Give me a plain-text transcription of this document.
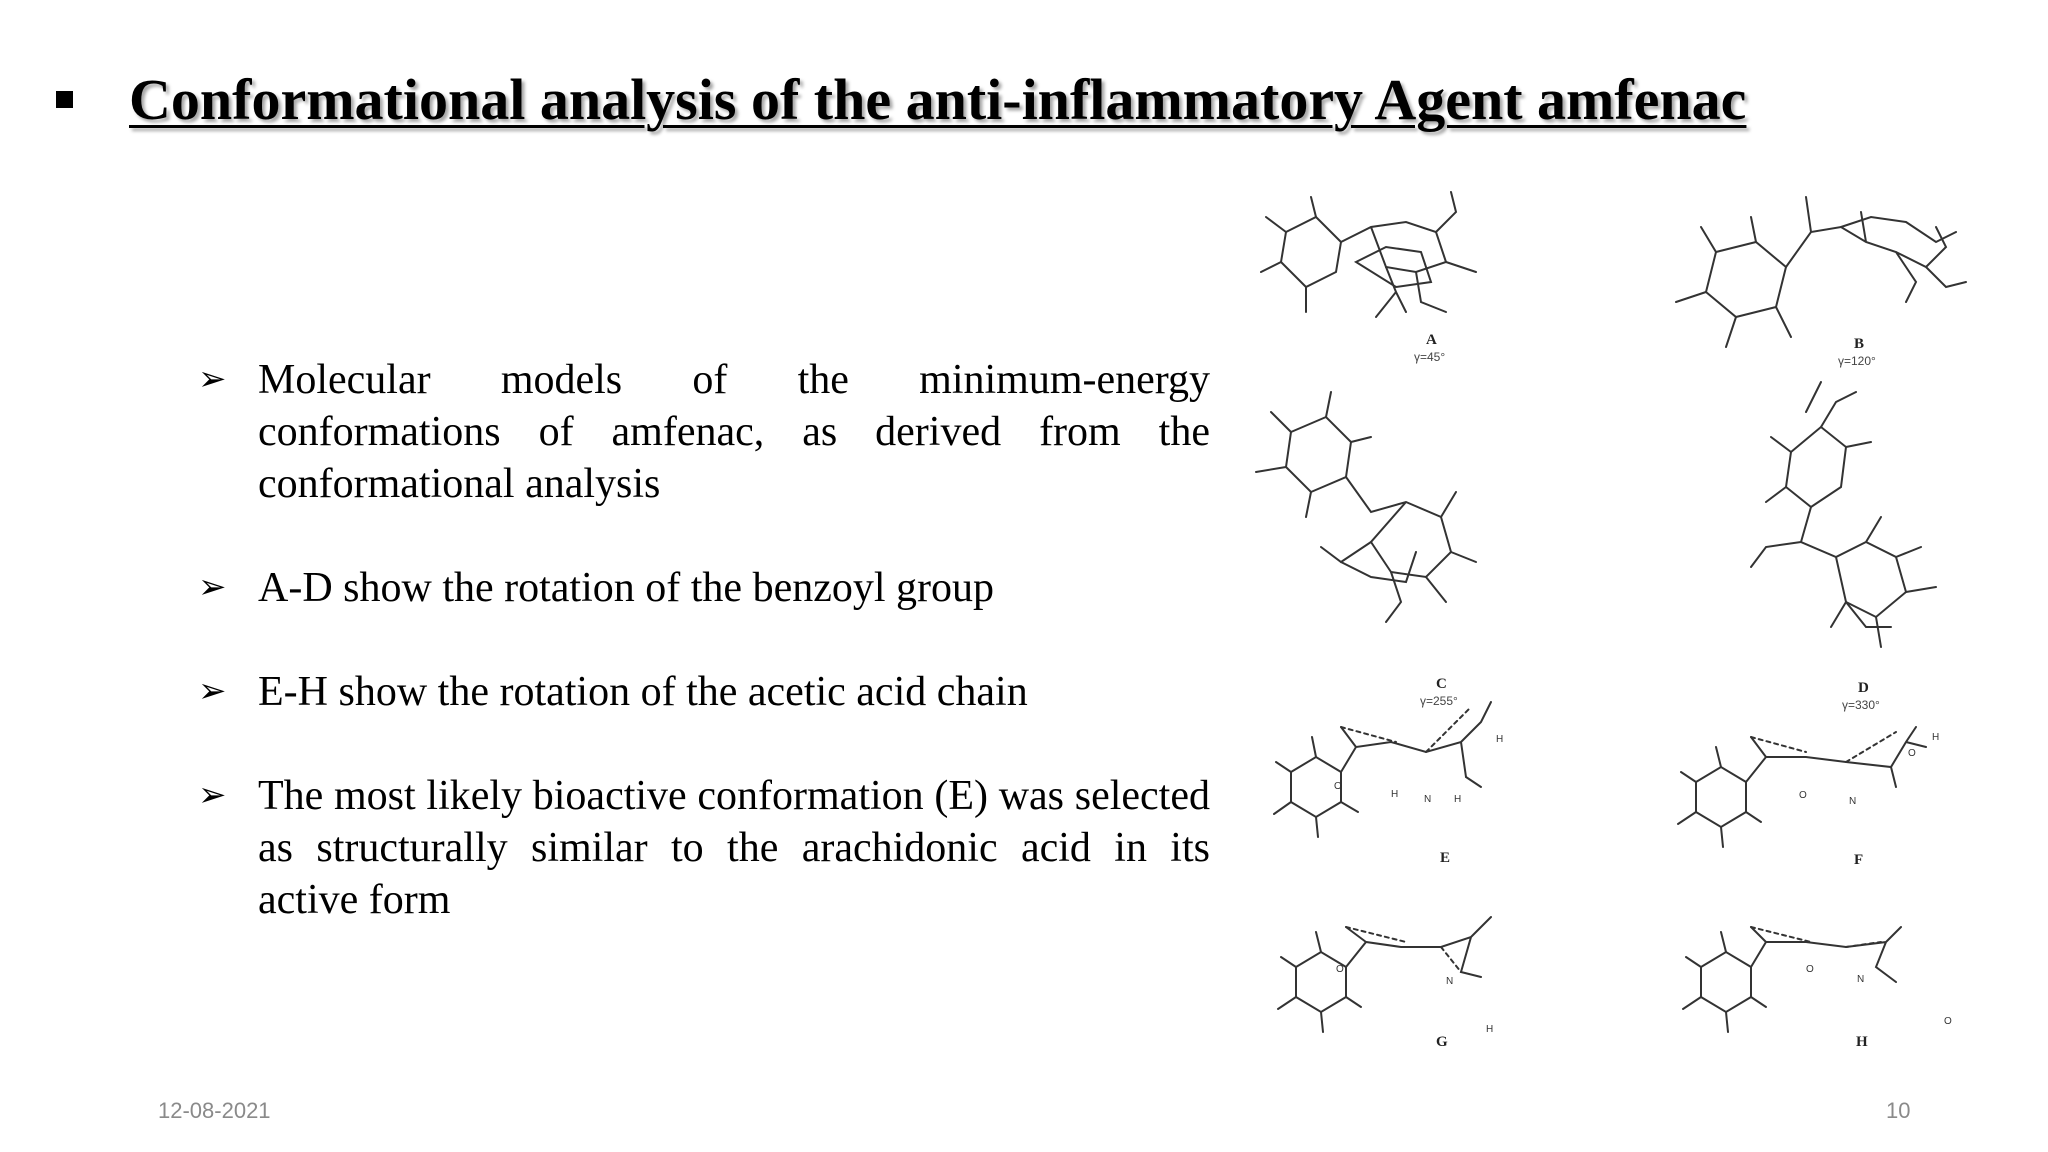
Conformational analysis of the anti-inflammatory Agent amfenac
➢ Molecular models of the minimum-energy conformations of amfenac, as derived from the conformational analysis
➢ A-D show the rotation of the benzoyl group
➢ E-H show the rotation of the acetic acid chain
➢ The most likely bioactive conformation (E) was selected as structurally similar to the arachidonic acid in its active form
A
γ=45°
B
γ=120°
C
γ=255°
D
γ=330°
E	F
G	H
O
H	N H
H
O
N
O
H
O
N
H
O
N
O
12-08-2021	10
